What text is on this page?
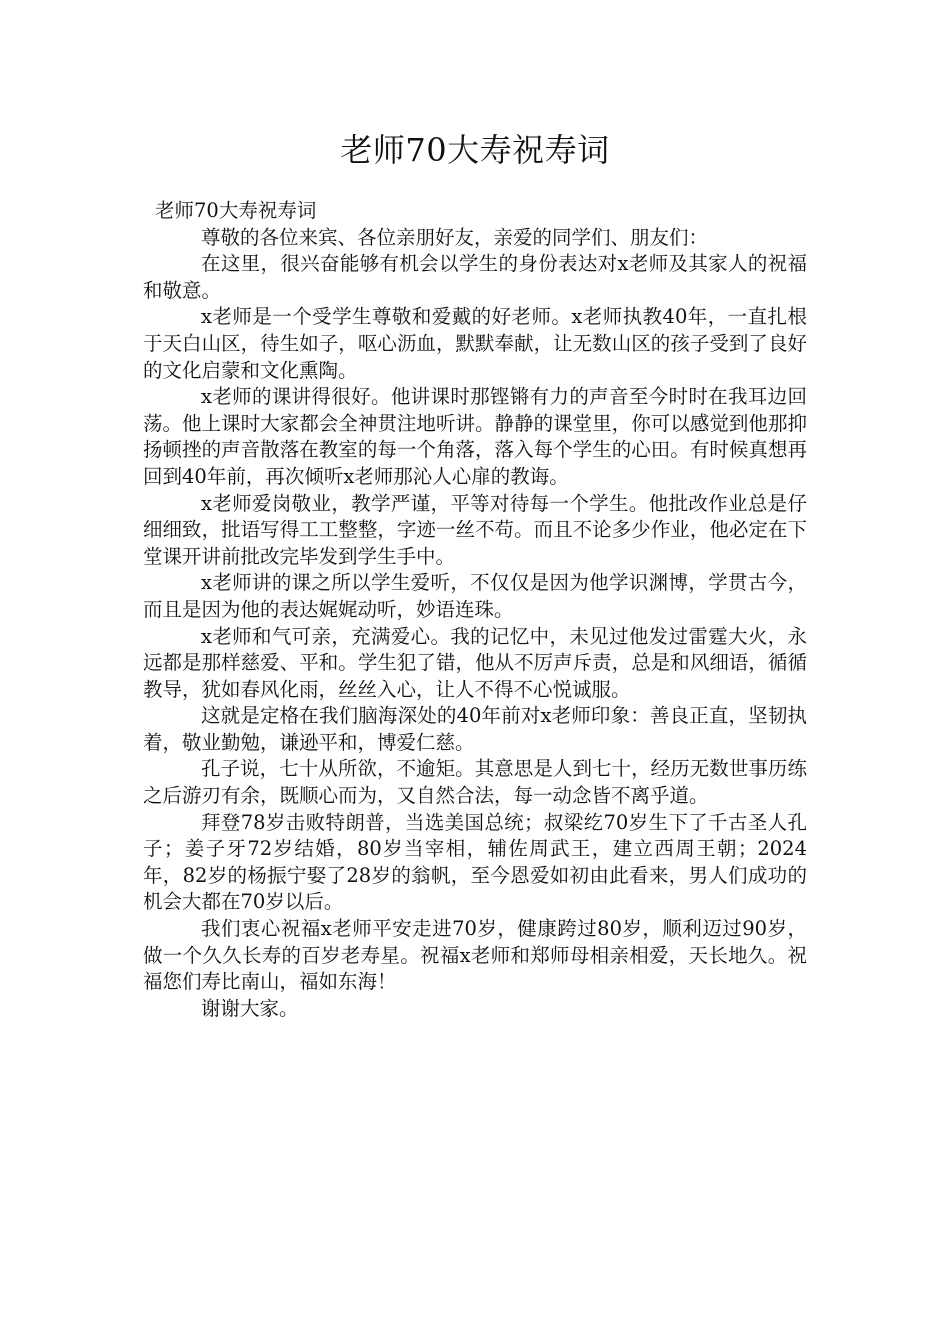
老师70大寿祝寿词

老师70大寿祝寿词

尊敬的各位来宾、各位亲朋好友，亲爱的同学们、朋友们：

在这里，很兴奋能够有机会以学生的身份表达对x老师及其家人的祝福和敬意。

x老师是一个受学生尊敬和爱戴的好老师。x老师执教40年，一直扎根于天白山区，待生如子，呕心沥血，默默奉献，让无数山区的孩子受到了良好的文化启蒙和文化熏陶。

x老师的课讲得很好。他讲课时那铿锵有力的声音至今时时在我耳边回荡。他上课时大家都会全神贯注地听讲。静静的课堂里，你可以感觉到他那抑扬顿挫的声音散落在教室的每一个角落，落入每个学生的心田。有时候真想再回到40年前，再次倾听x老师那沁人心扉的教诲。

x老师爱岗敬业，教学严谨，平等对待每一个学生。他批改作业总是仔细细致，批语写得工工整整，字迹一丝不苟。而且不论多少作业，他必定在下堂课开讲前批改完毕发到学生手中。

x老师讲的课之所以学生爱听，不仅仅是因为他学识渊博，学贯古今，而且是因为他的表达娓娓动听，妙语连珠。

x老师和气可亲，充满爱心。我的记忆中，未见过他发过雷霆大火，永远都是那样慈爱、平和。学生犯了错，他从不厉声斥责，总是和风细语，循循教导，犹如春风化雨，丝丝入心，让人不得不心悦诚服。

这就是定格在我们脑海深处的40年前对x老师印象：善良正直，坚韧执着，敬业勤勉，谦逊平和，博爱仁慈。

孔子说，七十从所欲，不逾矩。其意思是人到七十，经历无数世事历练之后游刃有余，既顺心而为，又自然合法，每一动念皆不离乎道。

拜登78岁击败特朗普，当选美国总统；叔梁纥70岁生下了千古圣人孔子；姜子牙72岁结婚，80岁当宰相，辅佐周武王，建立西周王朝；2024年，82岁的杨振宁娶了28岁的翁帆，至今恩爱如初由此看来，男人们成功的机会大都在70岁以后。

我们衷心祝福x老师平安走进70岁，健康跨过80岁，顺利迈过90岁，做一个久久长寿的百岁老寿星。祝福x老师和郑师母相亲相爱，天长地久。祝福您们寿比南山，福如东海！

谢谢大家。
